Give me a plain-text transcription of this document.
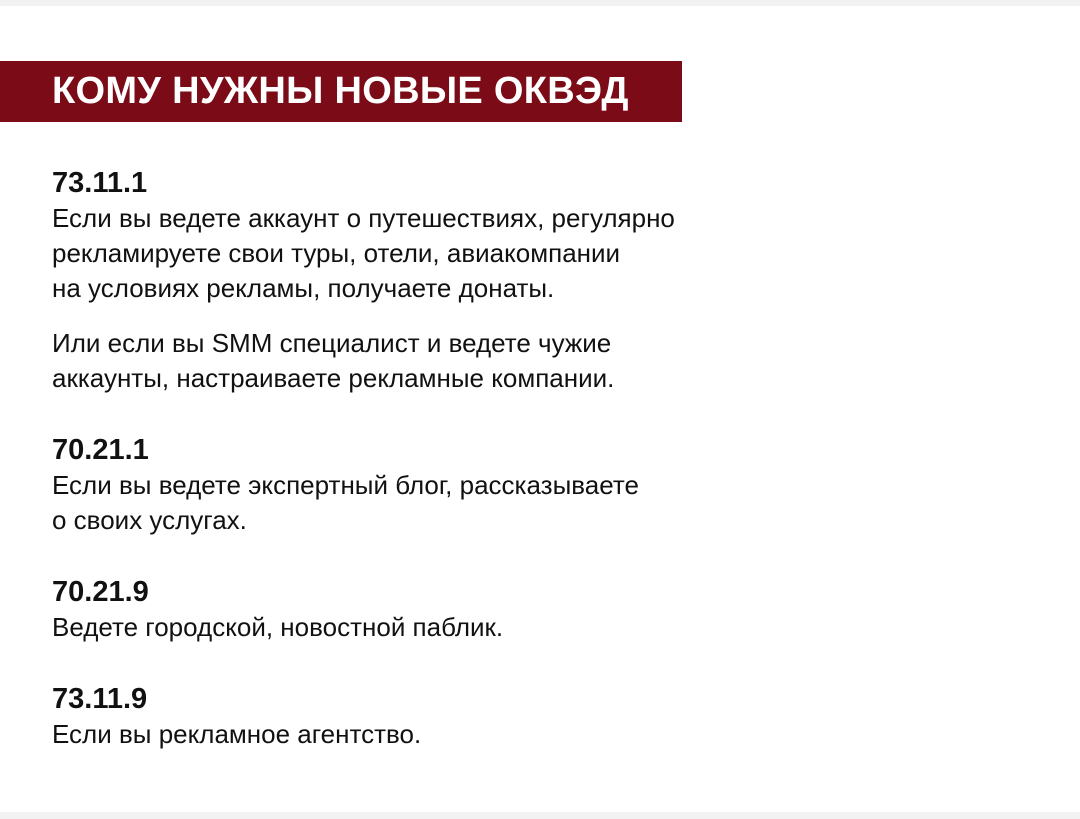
КОМУ НУЖНЫ НОВЫЕ ОКВЭД

73.11.1

Если вы ведете аккаунт о путешествиях, регулярно
рекламируете свои туры, отели, авиакомпании
на условиях рекламы, получаете донаты.

Или если вы SMM специалист и ведете чужие
аккаунты, настраиваете рекламные компании.

70.21.1

Если вы ведете экспертный блог, рассказываете
о своих услугах.

70.21.9

Ведете городской, новостной паблик.

73.11.9

Если вы рекламное агентство.
